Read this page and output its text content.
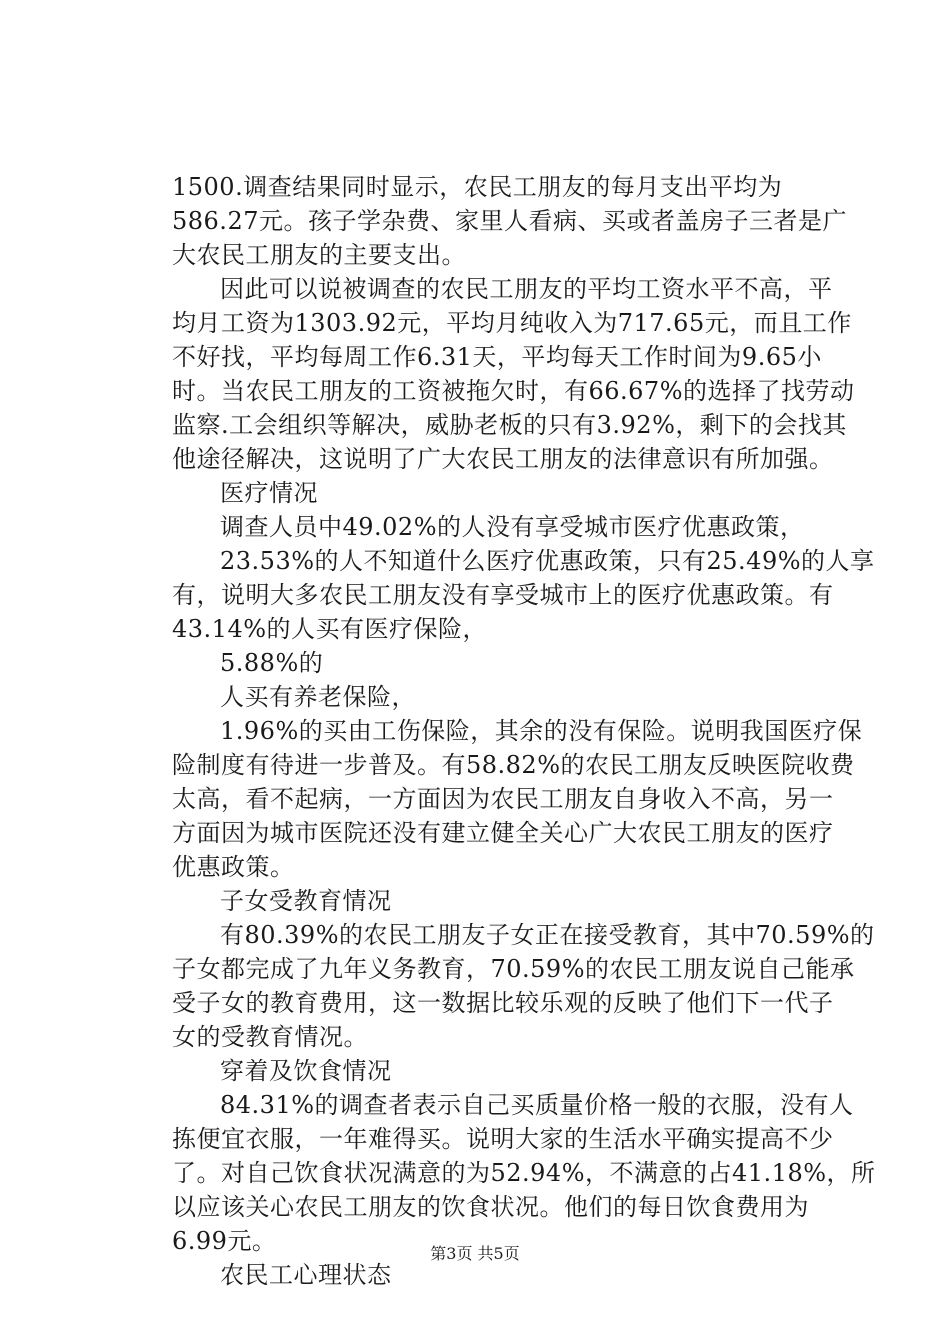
1500.调查结果同时显示，农民工朋友的每月支出平均为
586.27元。孩子学杂费、家里人看病、买或者盖房子三者是广
大农民工朋友的主要支出。
因此可以说被调查的农民工朋友的平均工资水平不高，平
均月工资为1303.92元，平均月纯收入为717.65元，而且工作
不好找，平均每周工作6.31天，平均每天工作时间为9.65小
时。当农民工朋友的工资被拖欠时，有66.67%的选择了找劳动
监察.工会组织等解决，威胁老板的只有3.92%，剩下的会找其
他途径解决，这说明了广大农民工朋友的法律意识有所加强。
医疗情况
调查人员中49.02%的人没有享受城市医疗优惠政策，
23.53%的人不知道什么医疗优惠政策，只有25.49%的人享
有，说明大多农民工朋友没有享受城市上的医疗优惠政策。有
43.14%的人买有医疗保险，
5.88%的
人买有养老保险，
1.96%的买由工伤保险，其余的没有保险。说明我国医疗保
险制度有待进一步普及。有58.82%的农民工朋友反映医院收费
太高，看不起病，一方面因为农民工朋友自身收入不高，另一
方面因为城市医院还没有建立健全关心广大农民工朋友的医疗
优惠政策。
子女受教育情况
有80.39%的农民工朋友子女正在接受教育，其中70.59%的
子女都完成了九年义务教育，70.59%的农民工朋友说自己能承
受子女的教育费用，这一数据比较乐观的反映了他们下一代子
女的受教育情况。
穿着及饮食情况
84.31%的调查者表示自己买质量价格一般的衣服，没有人
拣便宜衣服，一年难得买。说明大家的生活水平确实提高不少
了。对自己饮食状况满意的为52.94%，不满意的占41.18%，所
以应该关心农民工朋友的饮食状况。他们的每日饮食费用为
6.99元。
农民工心理状态
第3页 共5页
